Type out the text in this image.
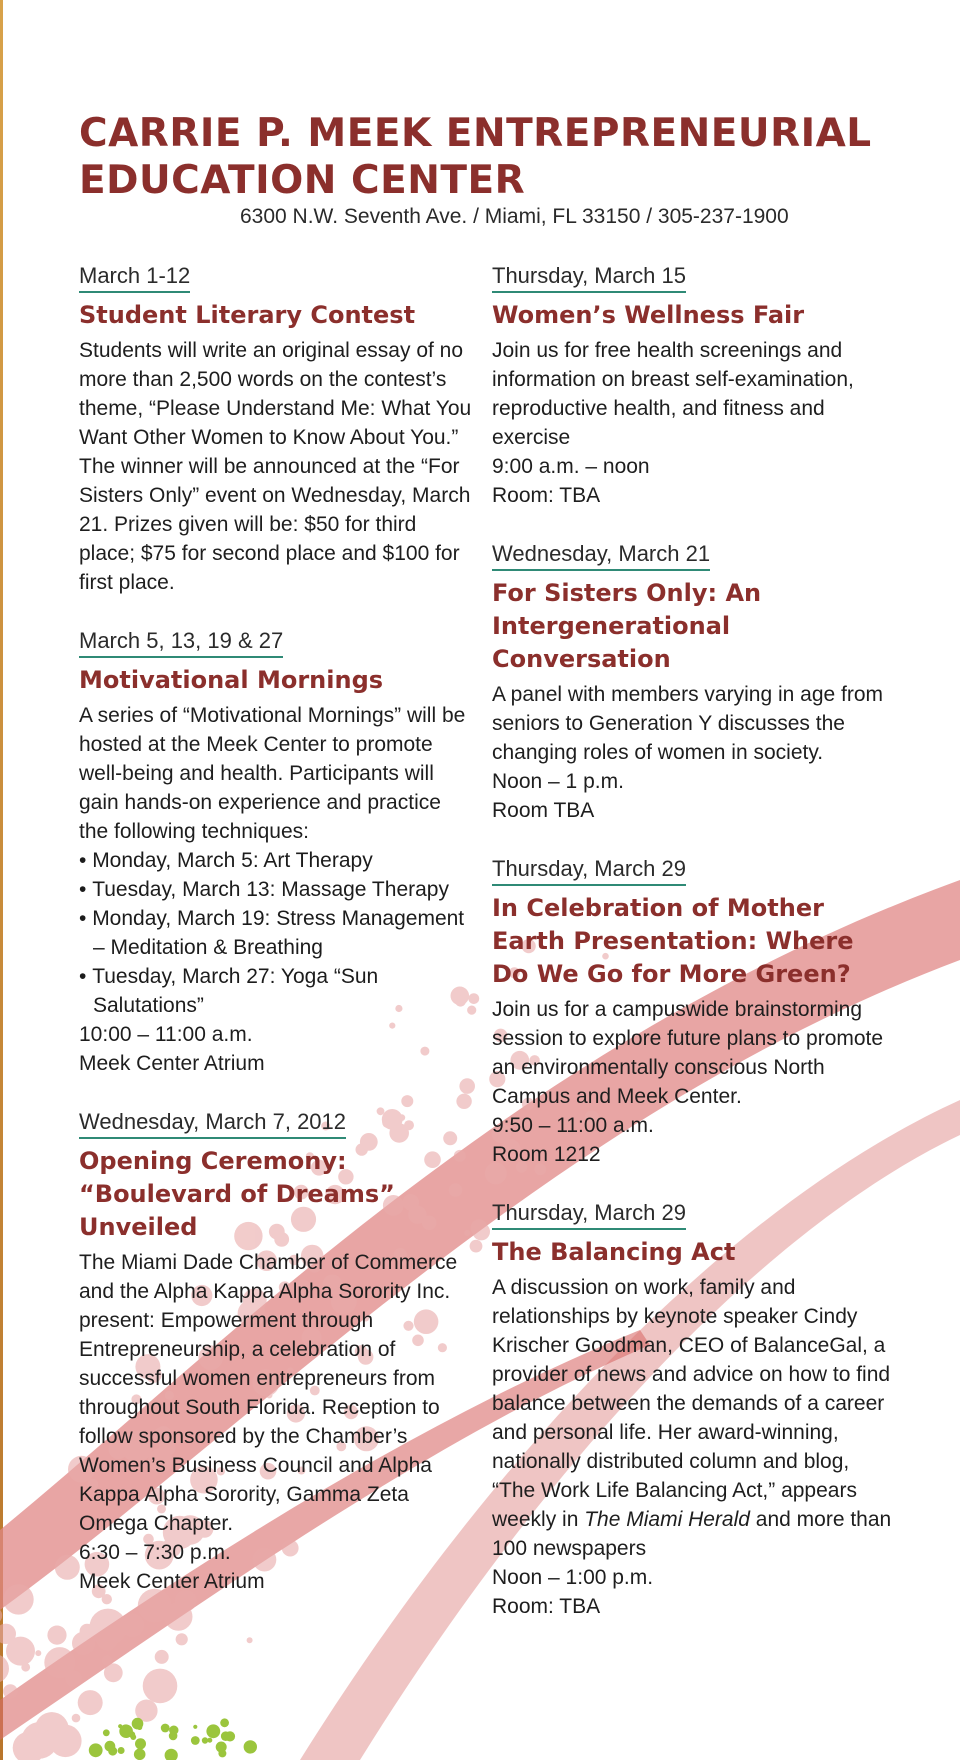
CARRIE P. MEEK ENTREPRENEURIAL
EDUCATION CENTER
6300 N.W. Seventh Ave. / Miami, FL 33150 / 305-237-1900
March 1-12
Student Literary Contest

Students will write an original essay of no more than 2,500 words on the contest’s theme, “Please Understand Me: What You Want Other Women to Know About You.” The winner will be announced at the “For Sisters Only” event on Wednesday, March 21. Prizes given will be: $50 for third place; $75 for second place and $100 for first place.

March 5, 13, 19 & 27
Motivational Mornings

A series of “Motivational Mornings” will be hosted at the Meek Center to promote well-being and health. Participants will gain hands-on experience and practice the following techniques:

• Monday, March 5: Art Therapy
• Tuesday, March 13: Massage Therapy
• Monday, March 19: Stress Management – Meditation & Breathing
• Tuesday, March 27: Yoga “Sun Salutations”

10:00 – 11:00 a.m.

Meek Center Atrium

Wednesday, March 7, 2012
Opening Ceremony: “Boulevard of Dreams” Unveiled

The Miami Dade Chamber of Commerce and the Alpha Kappa Alpha Sorority Inc. present: Empowerment through Entrepreneurship, a celebration of successful women entrepreneurs from throughout South Florida. Reception to follow sponsored by the Chamber’s Women’s Business Council and Alpha Kappa Alpha Sorority, Gamma Zeta Omega Chapter.

6:30 – 7:30 p.m.

Meek Center Atrium

Thursday, March 15
Women’s Wellness Fair

Join us for free health screenings and information on breast self-examination, reproductive health, and fitness and exercise

9:00 a.m. – noon

Room: TBA

Wednesday, March 21
For Sisters Only: An Intergenerational Conversation

A panel with members varying in age from seniors to Generation Y discusses the changing roles of women in society.

Noon – 1 p.m.

Room TBA

Thursday, March 29
In Celebration of Mother Earth Presentation: Where Do We Go for More Green?

Join us for a campuswide brainstorming session to explore future plans to promote an environmentally conscious North Campus and Meek Center.

9:50 – 11:00 a.m.

Room 1212

Thursday, March 29
The Balancing Act

A discussion on work, family and relationships by keynote speaker Cindy Krischer Goodman, CEO of BalanceGal, a provider of news and advice on how to find balance between the demands of a career and personal life. Her award-winning, nationally distributed column and blog, “The Work Life Balancing Act,” appears weekly in The Miami Herald and more than 100 newspapers

Noon – 1:00 p.m.

Room: TBA
